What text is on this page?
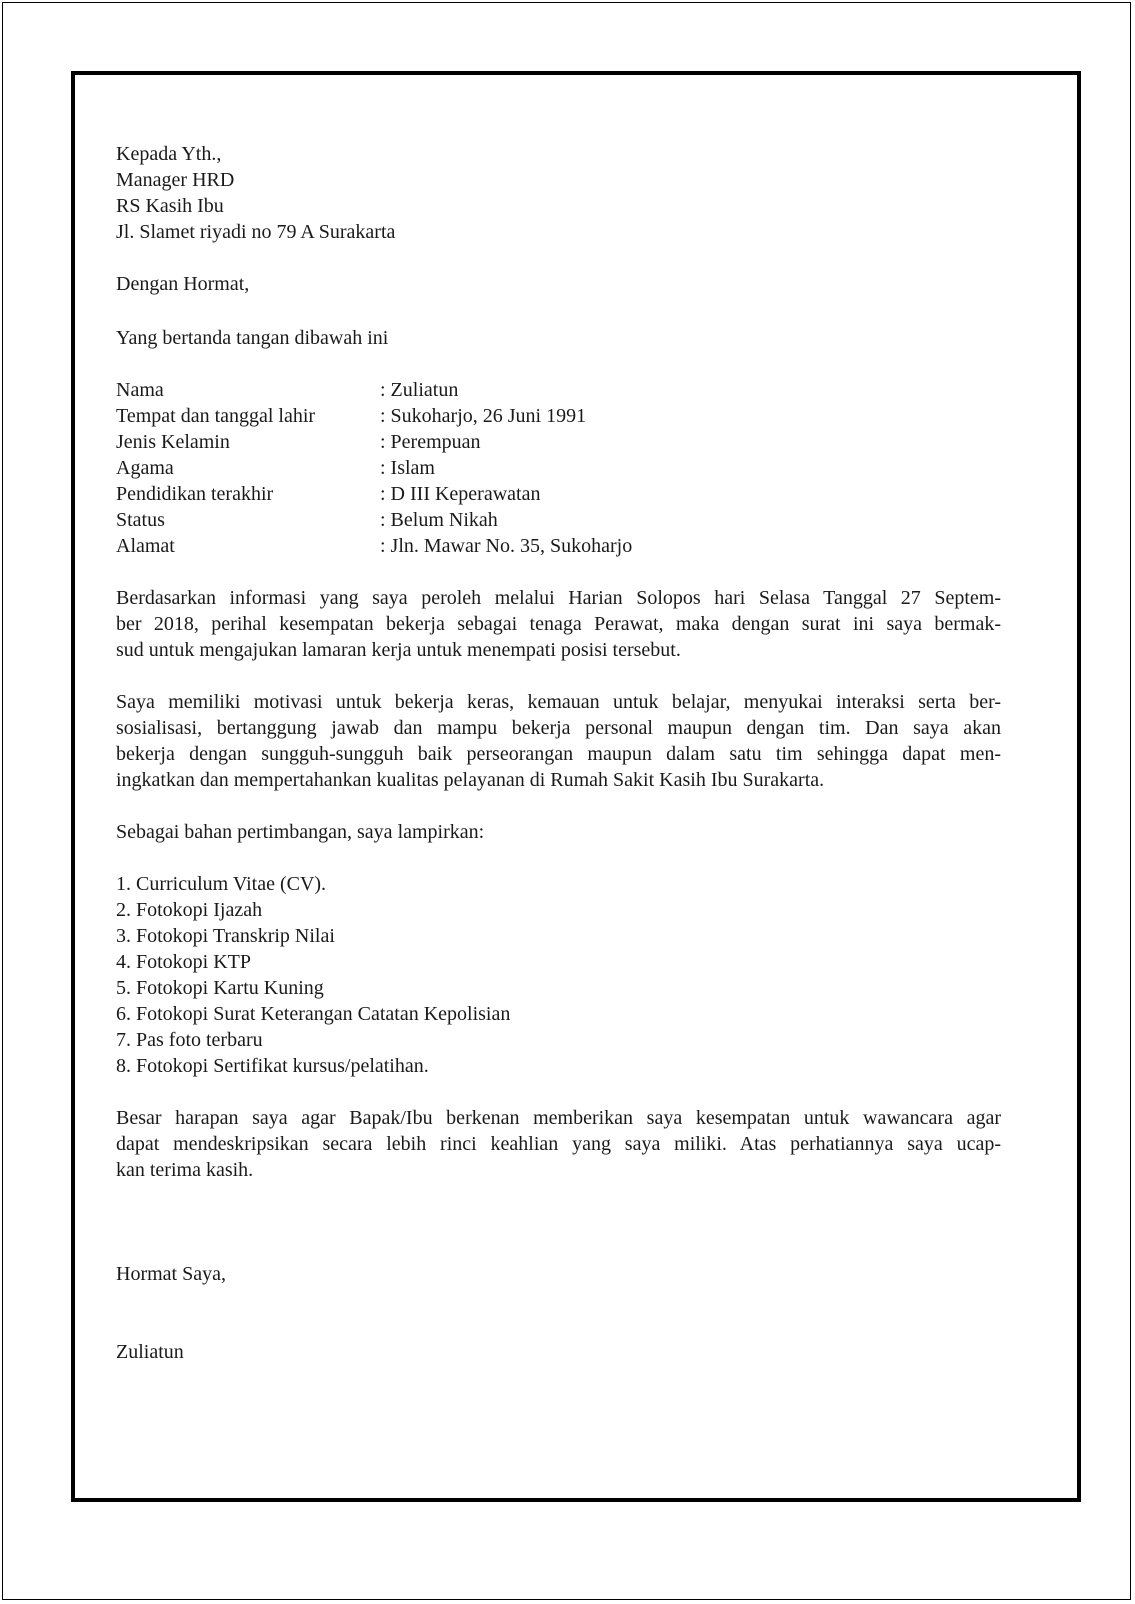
Kepada Yth.,
Manager HRD
RS Kasih Ibu
Jl. Slamet riyadi no 79 A Surakarta
Dengan Hormat,
Yang bertanda tangan dibawah ini
Nama	: Zuliatun
Tempat dan tanggal lahir	: Sukoharjo, 26 Juni 1991
Jenis Kelamin	: Perempuan
Agama	: Islam
Pendidikan terakhir	: D III Keperawatan
Status	: Belum Nikah
Alamat	: Jln. Mawar No. 35, Sukoharjo
Berdasarkan informasi yang saya peroleh melalui Harian Solopos hari Selasa Tanggal 27 Septem-
ber 2018, perihal kesempatan bekerja sebagai tenaga Perawat, maka dengan surat ini saya bermak-
sud untuk mengajukan lamaran kerja untuk menempati posisi tersebut.
Saya memiliki motivasi untuk bekerja keras, kemauan untuk belajar, menyukai interaksi serta ber-
sosialisasi, bertanggung jawab dan mampu bekerja personal maupun dengan tim. Dan saya akan
bekerja dengan sungguh-sungguh baik perseorangan maupun dalam satu tim sehingga dapat men-
ingkatkan dan mempertahankan kualitas pelayanan di Rumah Sakit Kasih Ibu Surakarta.
Sebagai bahan pertimbangan, saya lampirkan:
1. Curriculum Vitae (CV).
2. Fotokopi Ijazah
3. Fotokopi Transkrip Nilai
4. Fotokopi KTP
5. Fotokopi Kartu Kuning
6. Fotokopi Surat Keterangan Catatan Kepolisian
7. Pas foto terbaru
8. Fotokopi Sertifikat kursus/pelatihan.
Besar harapan saya agar Bapak/Ibu berkenan memberikan saya kesempatan untuk wawancara agar
dapat mendeskripsikan secara lebih rinci keahlian yang saya miliki. Atas perhatiannya saya ucap-
kan terima kasih.
Hormat Saya,
Zuliatun
